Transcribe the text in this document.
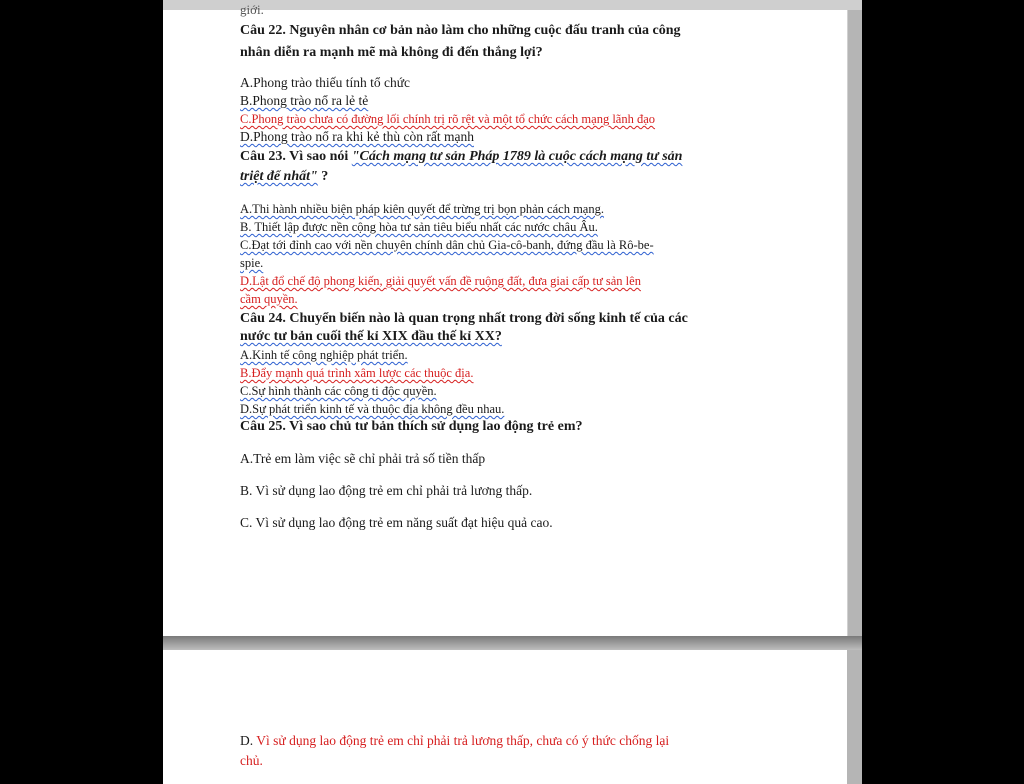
giới.
Câu 22. Nguyên nhân cơ bản nào làm cho những cuộc đấu tranh của công
nhân diễn ra mạnh mẽ mà không đi đến thắng lợi?
A.Phong trào thiếu tính tổ chức
B.Phong trào nổ ra lẻ tẻ
C.Phong trào chưa có đường lối chính trị rõ rệt và một tổ chức cách mạng lãnh đạo
D.Phong trào nổ ra khi kẻ thù còn rất mạnh
Câu 23. Vì sao nói "Cách mạng tư sản Pháp 1789 là cuộc cách mạng tư sản
triệt để nhất" ?
A.Thi hành nhiều biện pháp kiên quyết để trừng trị bọn phản cách mạng.
B. Thiết lập được nền cộng hòa tư sản tiêu biểu nhất các nước châu Âu.
C.Đạt tới đỉnh cao với nền chuyên chính dân chủ Gia-cô-banh, đứng đầu là Rô-be-
spie.
D.Lật đổ chế độ phong kiến, giải quyết vấn đề ruộng đất, đưa giai cấp tư sản lên
cầm quyền.
Câu 24. Chuyển biến nào là quan trọng nhất trong đời sống kinh tế của các
nước tư bản cuối thế kỉ XIX đầu thế kỉ XX?
A.Kinh tế công nghiệp phát triển.
B.Đẩy mạnh quá trình xâm lược các thuộc địa.
C.Sự hình thành các công ti độc quyền.
D.Sự phát triển kinh tế và thuộc địa không đều nhau.
Câu 25. Vì sao chủ tư bản thích sử dụng lao động trẻ em?
A.Trẻ em làm việc sẽ chỉ phải trả số tiền thấp
B. Vì sử dụng lao động trẻ em chỉ phải trả lương thấp.
C. Vì sử dụng lao động trẻ em năng suất đạt hiệu quả cao.
D. Vì sử dụng lao động trẻ em chỉ phải trả lương thấp, chưa có ý thức chống lại
chủ.
